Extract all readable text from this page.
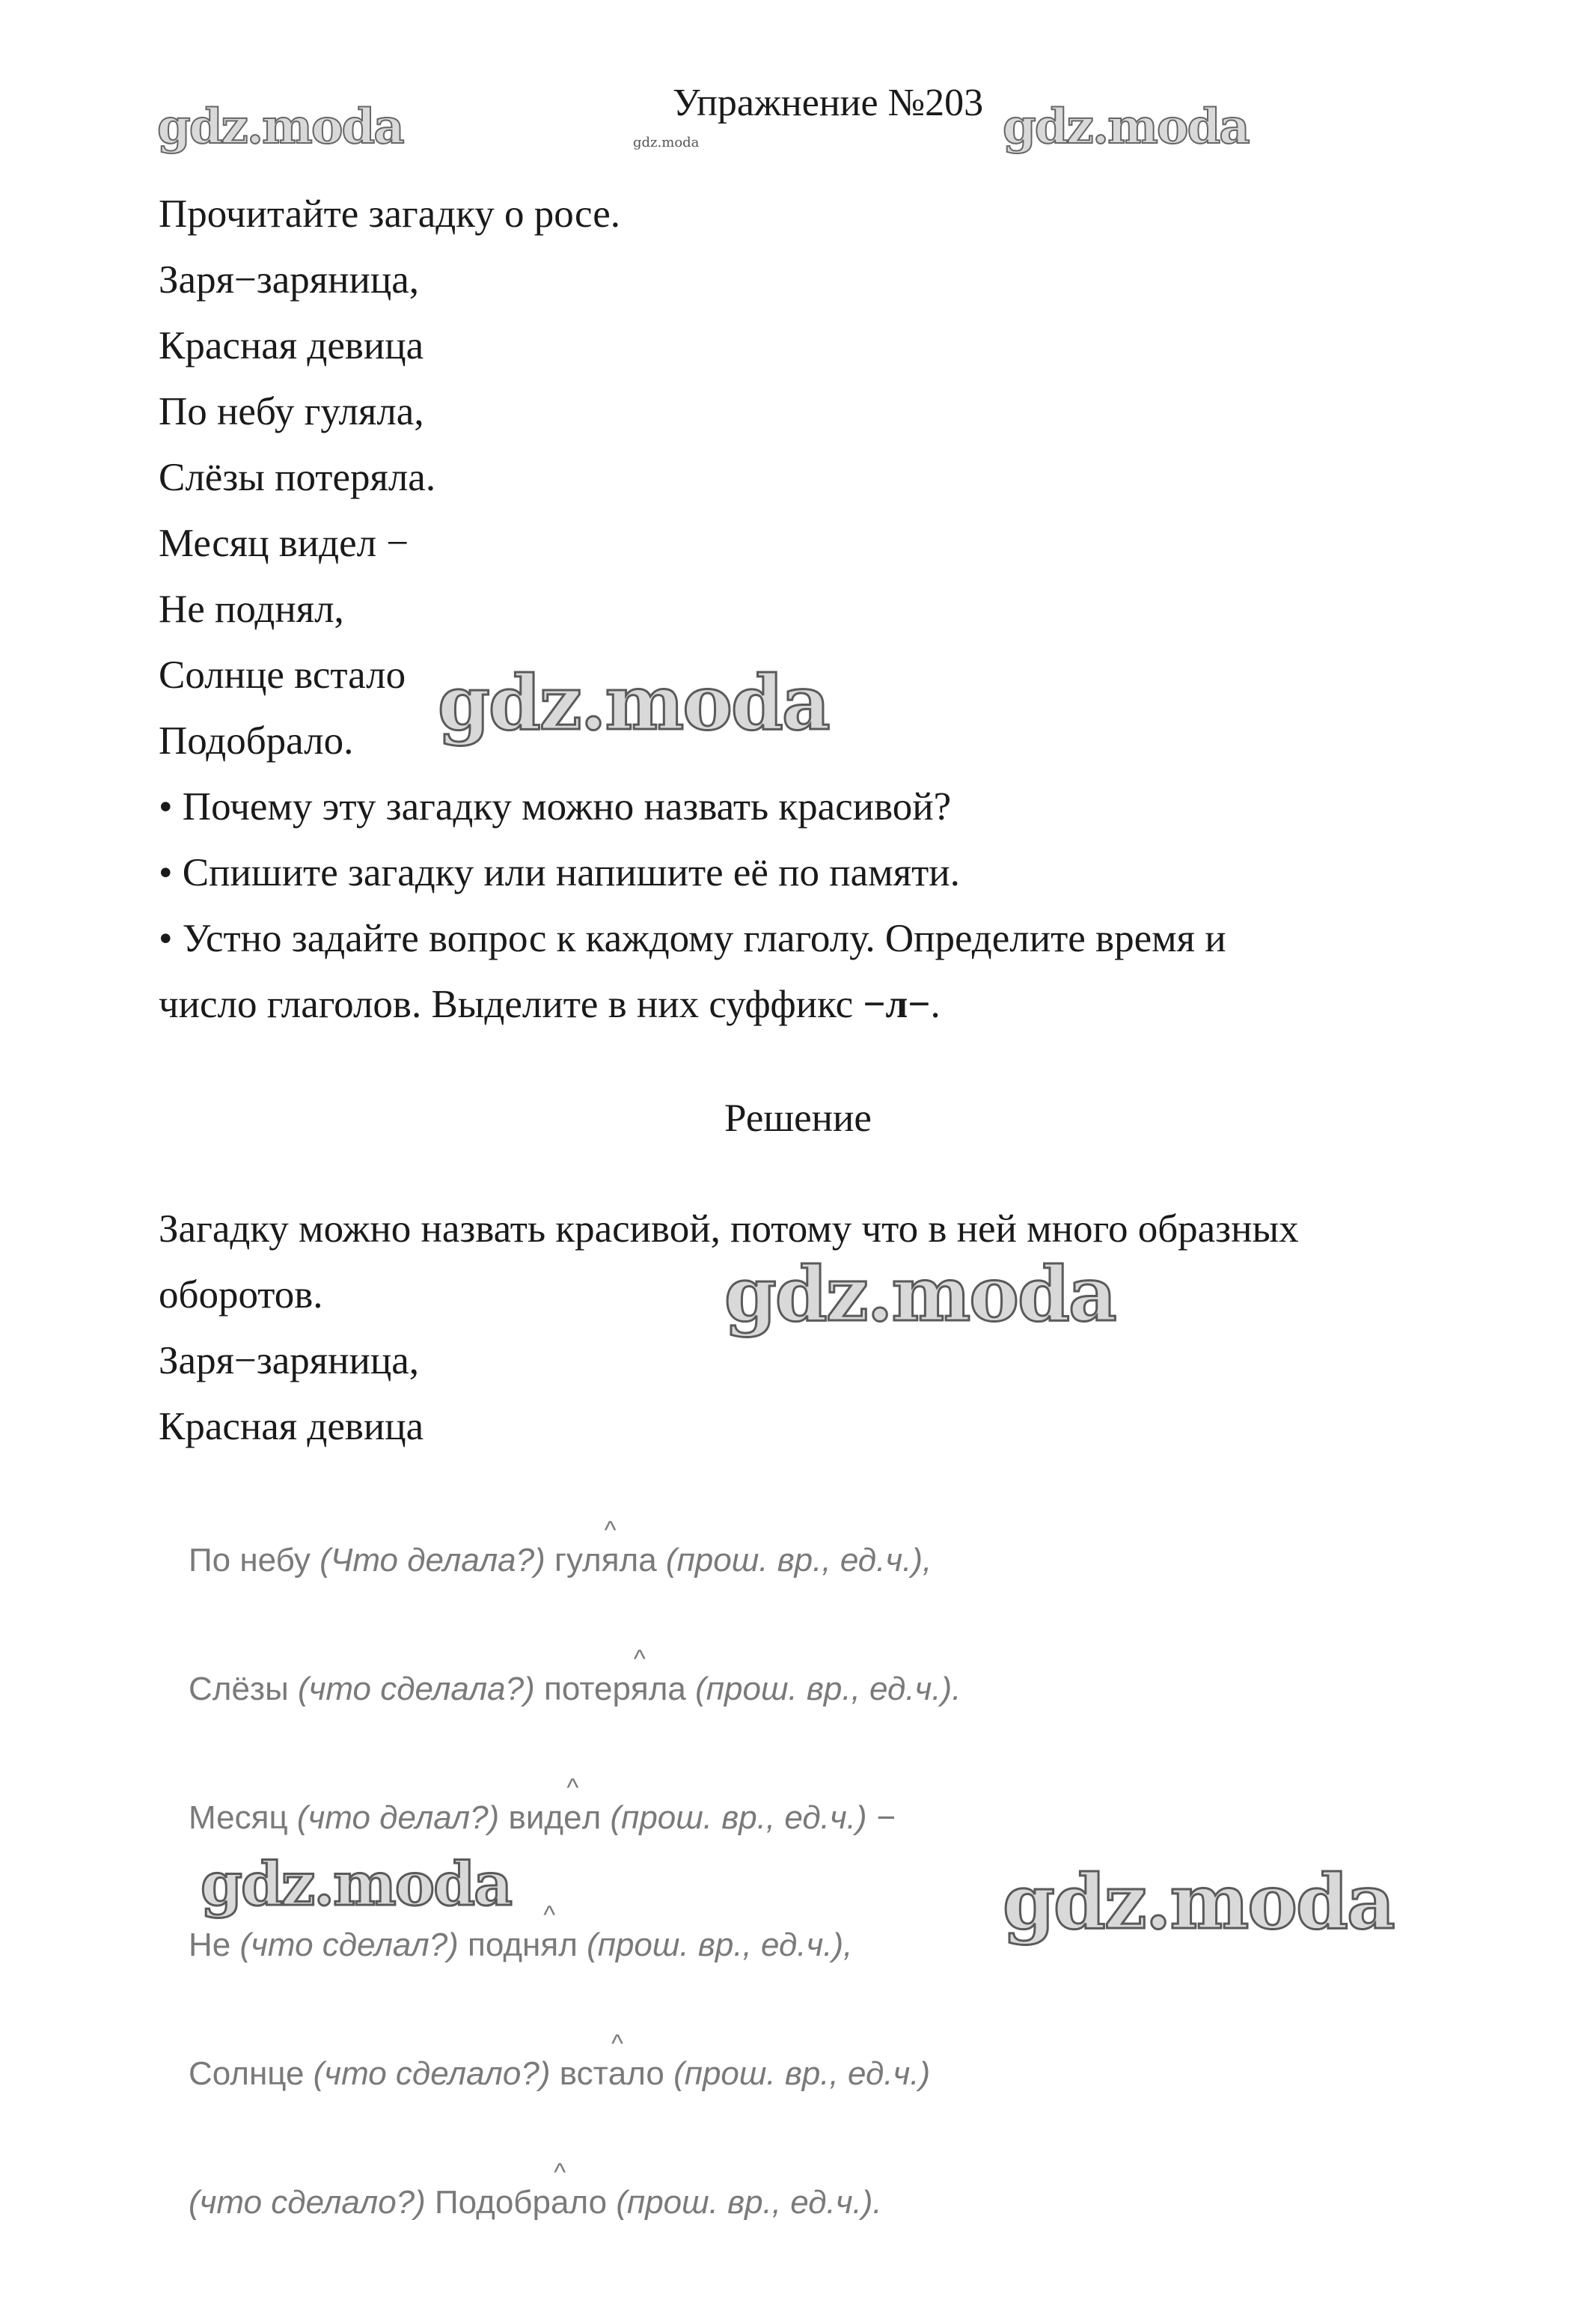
Упражнение №203
gdz.moda	gdz.moda	gdz.moda
gdz.moda
gdz.moda
gdz.moda	gdz.moda
Прочитайте загадку о росе.
Заря−заряница,
Красная девица
По небу гуляла,
Слёзы потеряла.
Месяц видел −
Не поднял,
Солнце встало
Подобрало.
• Почему эту загадку можно назвать красивой?
• Спишите загадку или напишите её по памяти.
• Устно задайте вопрос к каждому глаголу. Определите время и
число глаголов. Выделите в них суффикс −л−.
Решение
Загадку можно назвать красивой, потому что в ней много образных
оборотов.
Заря−заряница,
Красная девица
По небу (Что делала?) гул
^
яла (прош. вр., ед.ч.),
Слёзы (что сделала?) потер
^
яла (прош. вр., ед.ч.).
Месяц (что делал?) вид
^
ел (прош. вр., ед.ч.) −
Не (что сделал?) подн
^
ял (прош. вр., ед.ч.),
Солнце (что сделало?) вст
^
ало (прош. вр., ед.ч.)
(что сделало?) Подобр
^
ало (прош. вр., ед.ч.).
